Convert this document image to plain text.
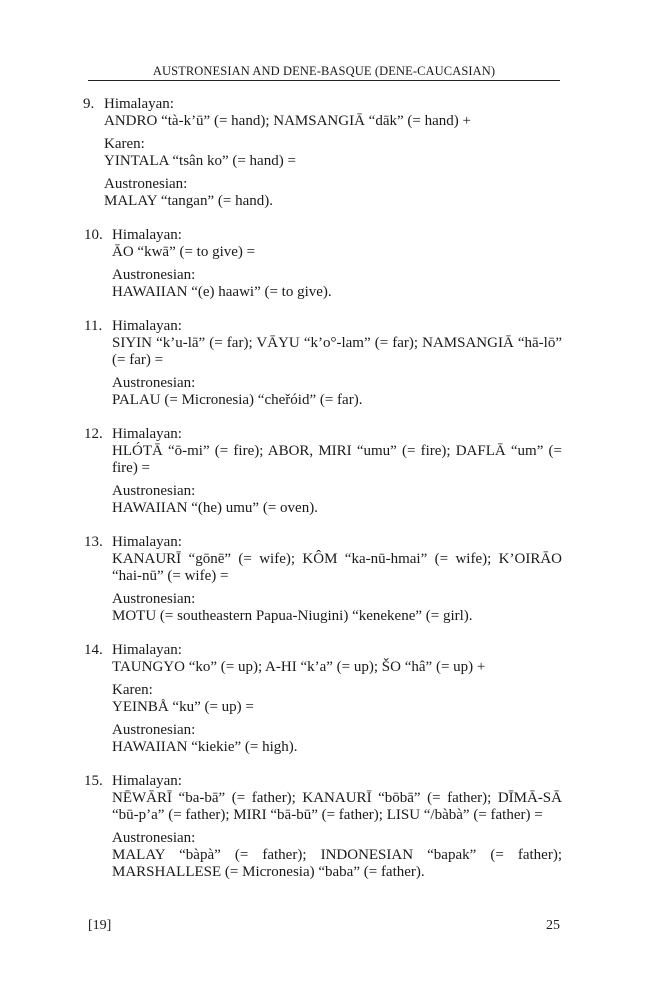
AUSTRONESIAN AND DENE-BASQUE (DENE-CAUCASIAN)
9. Himalayan:
ANDRO “tà-k’ū” (= hand); NAMSANGIĀ “dāk” (= hand) +
Karen:
YINTALA “tsân ko” (= hand) =
Austronesian:
MALAY “tangan” (= hand).
10. Himalayan:
ĀO “kwā” (= to give) =
Austronesian:
HAWAIIAN “(e) haawi” (= to give).
11. Himalayan:
SIYIN “k’u-lā” (= far); VĀYU “k’o°-lam” (= far); NAMSANGIĀ “hā-lō” (= far) =
Austronesian:
PALAU (= Micronesia) “cheřóid” (= far).
12. Himalayan:
HLÓTĀ “ō-mi” (= fire); ABOR, MIRI “umu” (= fire); DAFLĀ “um” (= fire) =
Austronesian:
HAWAIIAN “(he) umu” (= oven).
13. Himalayan:
KANAURĪ “gōnē” (= wife); KÔM “ka-nū-hmai” (= wife); K’OIRĀO “hai-nū” (= wife) =
Austronesian:
MOTU (= southeastern Papua-Niugini) “kenekene” (= girl).
14. Himalayan:
TAUNGYO “ko” (= up); A-HI “k’a” (= up); ŠO “hâ” (= up) +
Karen:
YEINBÅ “ku” (= up) =
Austronesian:
HAWAIIAN “kiekie” (= high).
15. Himalayan:
NĒWĀRĪ “ba-bā” (= father); KANAURĪ “bōbā” (= father); DĪMĀ-SĀ “bū-p’a” (= father); MIRI “bā-bū” (= father); LISU “/bàbà” (= father) =
Austronesian:
MALAY “bàpà” (= father); INDONESIAN “bapak” (= father); MARSHALLESE (= Micronesia) “baba” (= father).
[19]	25
